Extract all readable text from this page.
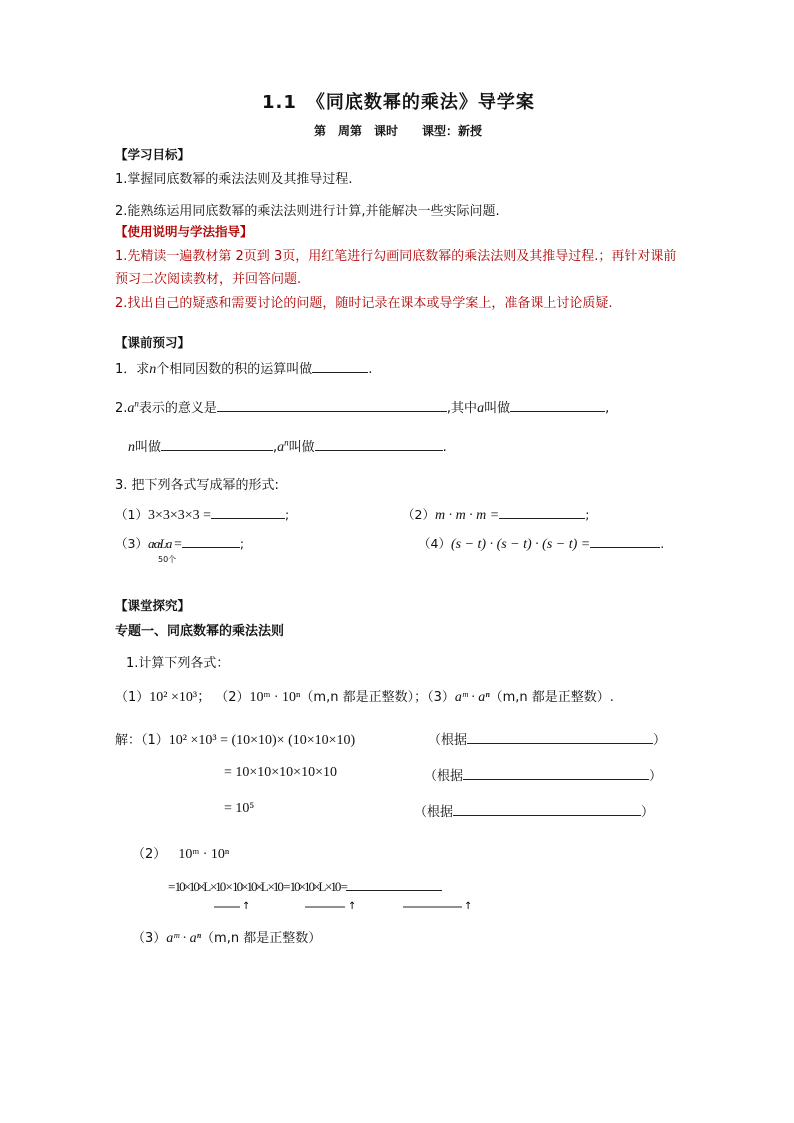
1.1　《同底数幂的乘法》导学案
第　周第　课时　　课型：新授
【学习目标】
1.掌握同底数幂的乘法法则及其推导过程.
2.能熟练运用同底数幂的乘法法则进行计算,并能解决一些实际问题.
【使用说明与学法指导】
1.先精读一遍教材第 2页到 3页，用红笔进行勾画同底数幂的乘法法则及其推导过程.；再针对课前
预习二次阅读教材，并回答问题.
2.找出自己的疑惑和需要讨论的问题，随时记录在课本或导学案上，准备课上讨论质疑.
【课前预习】
1．求n个相同因数的积的运算叫做	.
$2.a^n$表示的意义是	,其中a叫做	,
n叫做	$,a^n$叫做	.
3. 把下列各式写成幂的形式:
（1）3×3×3×3 =	;	（2）m · m · m =	;
（3）a·a·L·a =	;
50个
（4）(s − t) · (s − t) · (s − t) =	.
【课堂探究】
专题一、同底数幂的乘法法则
1.计算下列各式：
（1）10² ×10³； （2）10ᵐ · 10ⁿ（m,n 都是正整数）；（3）aᵐ · aⁿ（m,n 都是正整数）.
解：（1）10² ×10³ = (10×10)× (10×10×10)	（根据	）
= 10×10×10×10×10	（根据	）
= 10⁵	（根据	）
（2） 10ᵐ · 10ⁿ
= 10×10×L ×10 × 10×10×L ×10 = 10×10×L ×10 =
↑	↑	↑
（3）aᵐ · aⁿ（m,n 都是正整数）
